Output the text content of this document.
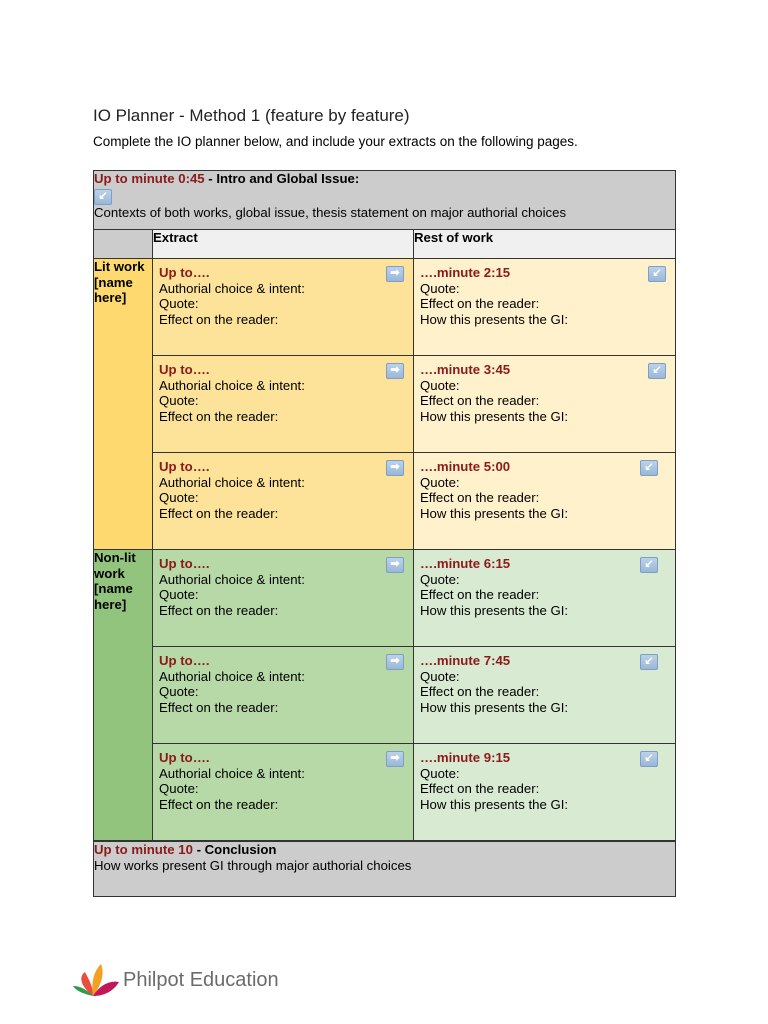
IO Planner - Method 1 (feature by feature)
Complete the IO planner below, and include your extracts on the following pages.
Up to minute 0:45 - Intro and Global Issue:
↙
Contexts of both works, global issue, thesis statement on major authorial choices		
	Extract	Rest of work
Lit work [name here]	Up to…. ➡

Authorial choice & intent:
Quote:
Effect on the reader:	….minute 2:15 ↙

Quote:
Effect on the reader:
How this presents the GI:

	Up to…. ➡

Authorial choice & intent:
Quote:
Effect on the reader:	….minute 3:45 ↙

Quote:
Effect on the reader:
How this presents the GI:

	Up to…. ➡

Authorial choice & intent:
Quote:
Effect on the reader:	….minute 5:00 ↙

Quote:
Effect on the reader:
How this presents the GI:

Non-lit work [name here]	Up to…. ➡

Authorial choice & intent:
Quote:
Effect on the reader:	….minute 6:15 ↙

Quote:
Effect on the reader:
How this presents the GI:

	Up to…. ➡

Authorial choice & intent:
Quote:
Effect on the reader:	….minute 7:45 ↙

Quote:
Effect on the reader:
How this presents the GI:

	Up to…. ➡

Authorial choice & intent:
Quote:
Effect on the reader:	….minute 9:15 ↙

Quote:
Effect on the reader:
How this presents the GI:

Up to minute 10 - Conclusion
How works present GI through major authorial choices		
Philpot Education
